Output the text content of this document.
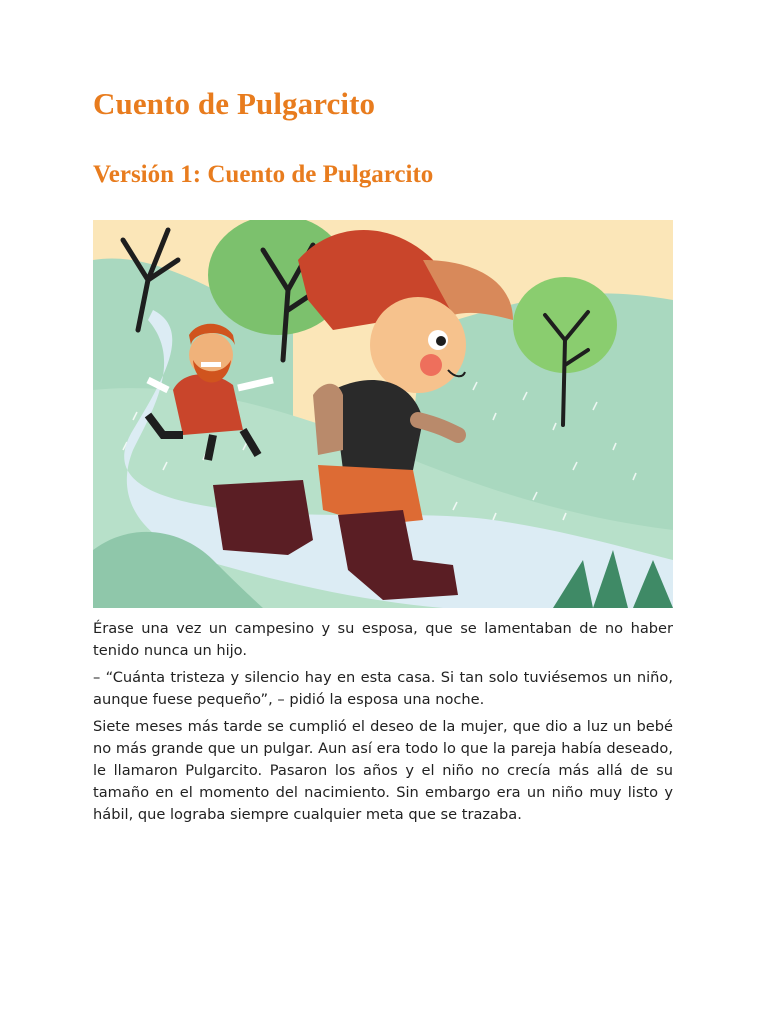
Cuento de Pulgarcito
Versión 1: Cuento de Pulgarcito

Érase una vez un campesino y su esposa, que se lamentaban de no haber tenido nunca un hijo.

– “Cuánta tristeza y silencio hay en esta casa. Si tan solo tuviésemos un niño, aunque fuese pequeño”, – pidió la esposa una noche.

Siete meses más tarde se cumplió el deseo de la mujer, que dio a luz un bebé no más grande que un pulgar. Aun así era todo lo que la pareja había deseado, le llamaron Pulgarcito. Pasaron los años y el niño no crecía más allá de su tamaño en el momento del nacimiento. Sin embargo era un niño muy listo y hábil, que lograba siempre cualquier meta que se trazaba.
